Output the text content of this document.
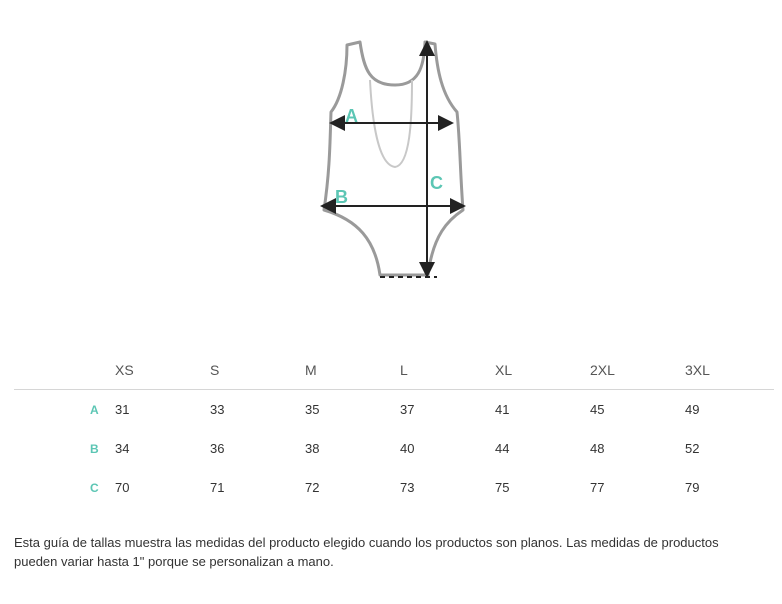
A
B
C
XS	S	M	L	XL	2XL	3XL
A 31	33	35	37	41	45	49
B 34	36	38	40	44	48	52
C 70	71	72	73	75	77	79

Esta guía de tallas muestra las medidas del producto elegido cuando los productos son planos. Las medidas de productos pueden variar hasta 1" porque se personalizan a mano.
